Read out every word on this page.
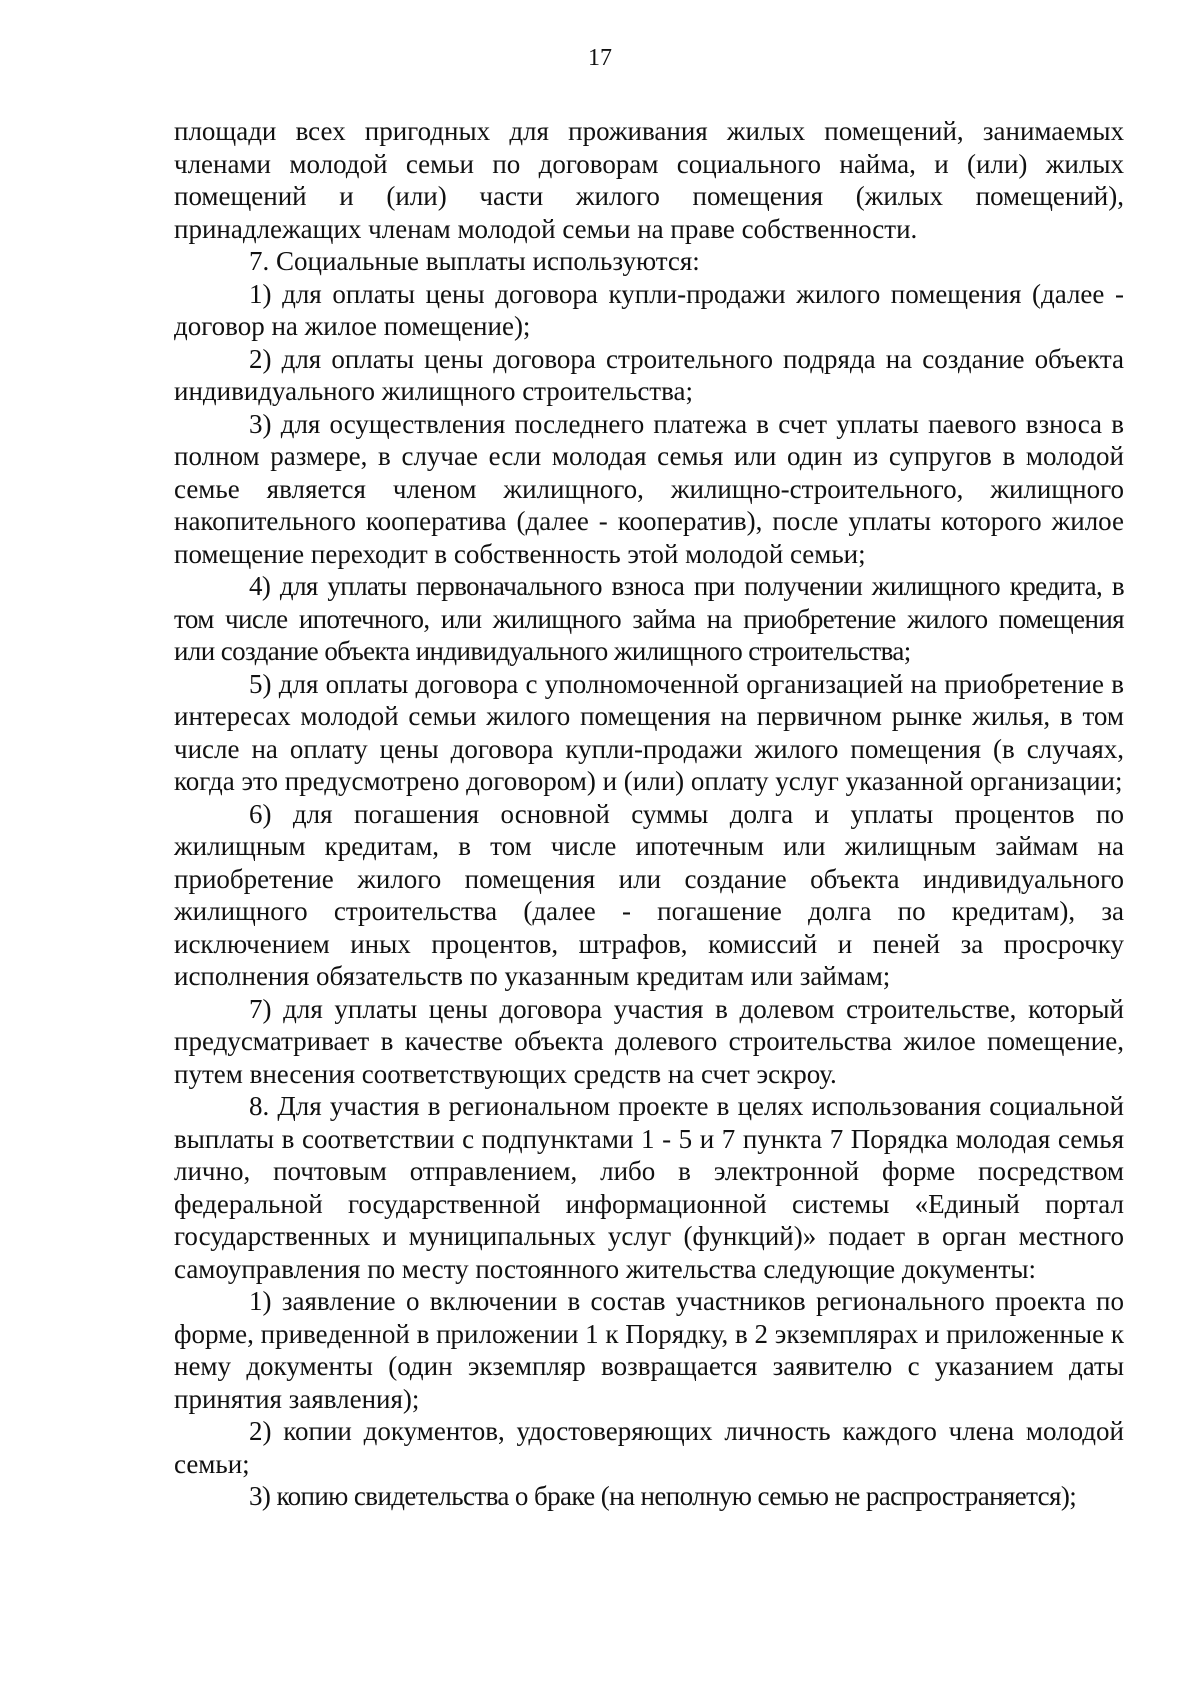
17

площади всех пригодных для проживания жилых помещений, занимаемых членами молодой семьи по договорам социального найма, и (или) жилых помещений и (или) части жилого помещения (жилых помещений), принадлежащих членам молодой семьи на праве собственности.

7. Социальные выплаты используются:

1) для оплаты цены договора купли-продажи жилого помещения (далее - договор на жилое помещение);

2) для оплаты цены договора строительного подряда на создание объекта индивидуального жилищного строительства;

3) для осуществления последнего платежа в счет уплаты паевого взноса в полном размере, в случае если молодая семья или один из супругов в молодой семье является членом жилищного, жилищно-строительного, жилищного накопительного кооператива (далее - кооператив), после уплаты которого жилое помещение переходит в собственность этой молодой семьи;

4) для уплаты первоначального взноса при получении жилищного кредита, в том числе ипотечного, или жилищного займа на приобретение жилого помещения или создание объекта индивидуального жилищного строительства;

5) для оплаты договора с уполномоченной организацией на приобретение в интересах молодой семьи жилого помещения на первичном рынке жилья, в том числе на оплату цены договора купли-продажи жилого помещения (в случаях, когда это предусмотрено договором) и (или) оплату услуг указанной организации;

6) для погашения основной суммы долга и уплаты процентов по жилищным кредитам, в том числе ипотечным или жилищным займам на приобретение жилого помещения или создание объекта индивидуального жилищного строительства (далее - погашение долга по кредитам), за исключением иных процентов, штрафов, комиссий и пеней за просрочку исполнения обязательств по указанным кредитам или займам;

7) для уплаты цены договора участия в долевом строительстве, который предусматривает в качестве объекта долевого строительства жилое помещение, путем внесения соответствующих средств на счет эскроу.

8. Для участия в региональном проекте в целях использования социальной выплаты в соответствии с подпунктами 1 - 5 и 7 пункта 7 Порядка молодая семья лично, почтовым отправлением, либо в электронной форме посредством федеральной государственной информационной системы «Единый портал государственных и муниципальных услуг (функций)» подает в орган местного самоуправления по месту постоянного жительства следующие документы:

1) заявление о включении в состав участников регионального проекта по форме, приведенной в приложении 1 к Порядку, в 2 экземплярах и приложенные к нему документы (один экземпляр возвращается заявителю с указанием даты принятия заявления);

2) копии документов, удостоверяющих личность каждого члена молодой семьи;

3) копию свидетельства о браке (на неполную семью не распространяется);
